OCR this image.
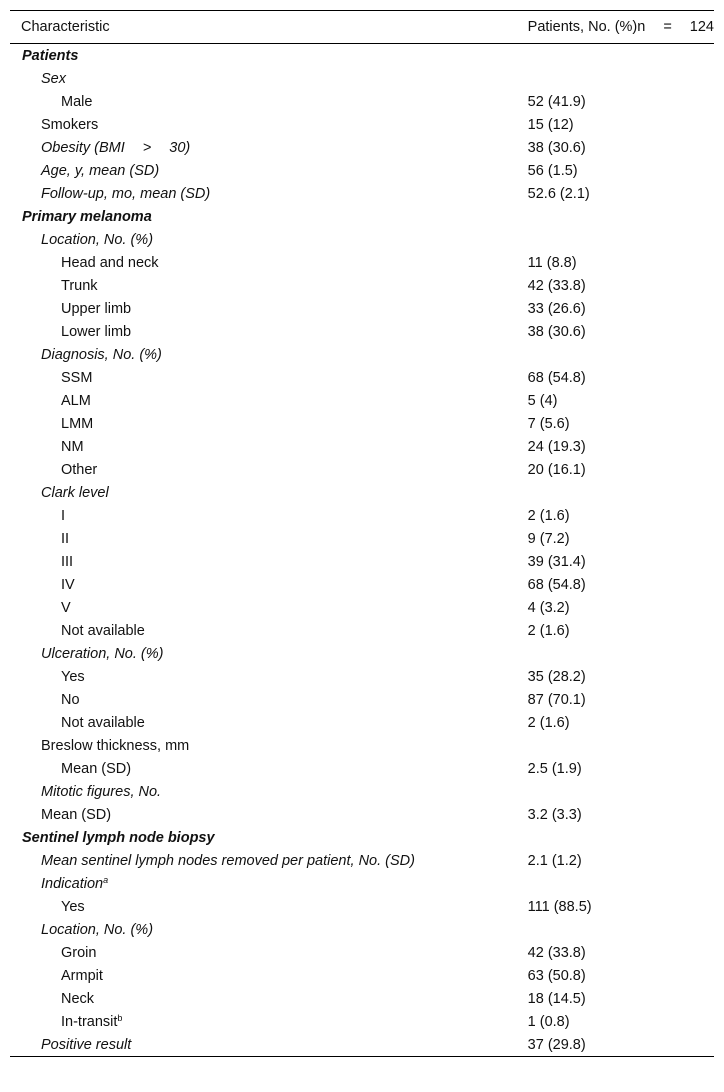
Characteristic	Patients, No. (%)n = 124
Patients	
Sex	
Male	52 (41.9)
Smokers	15 (12)
Obesity (BMI > 30)	38 (30.6)
Age, y, mean (SD)	56 (1.5)
Follow-up, mo, mean (SD)	52.6 (2.1)
Primary melanoma	
Location, No. (%)	
Head and neck	11 (8.8)
Trunk	42 (33.8)
Upper limb	33 (26.6)
Lower limb	38 (30.6)
Diagnosis, No. (%)	
SSM	68 (54.8)
ALM	5 (4)
LMM	7 (5.6)
NM	24 (19.3)
Other	20 (16.1)
Clark level	
I	2 (1.6)
II	9 (7.2)
III	39 (31.4)
IV	68 (54.8)
V	4 (3.2)
Not available	2 (1.6)
Ulceration, No. (%)	
Yes	35 (28.2)
No	87 (70.1)
Not available	2 (1.6)
Breslow thickness, mm	
Mean (SD)	2.5 (1.9)
Mitotic figures, No.	
Mean (SD)	3.2 (3.3)
Sentinel lymph node biopsy	
Mean sentinel lymph nodes removed per patient, No. (SD)	2.1 (1.2)
Indication$^a$	
Yes	111 (88.5)
Location, No. (%)	
Groin	42 (33.8)
Armpit	63 (50.8)
Neck	18 (14.5)
In-transit$^b$	1 (0.8)
Positive result	37 (29.8)
